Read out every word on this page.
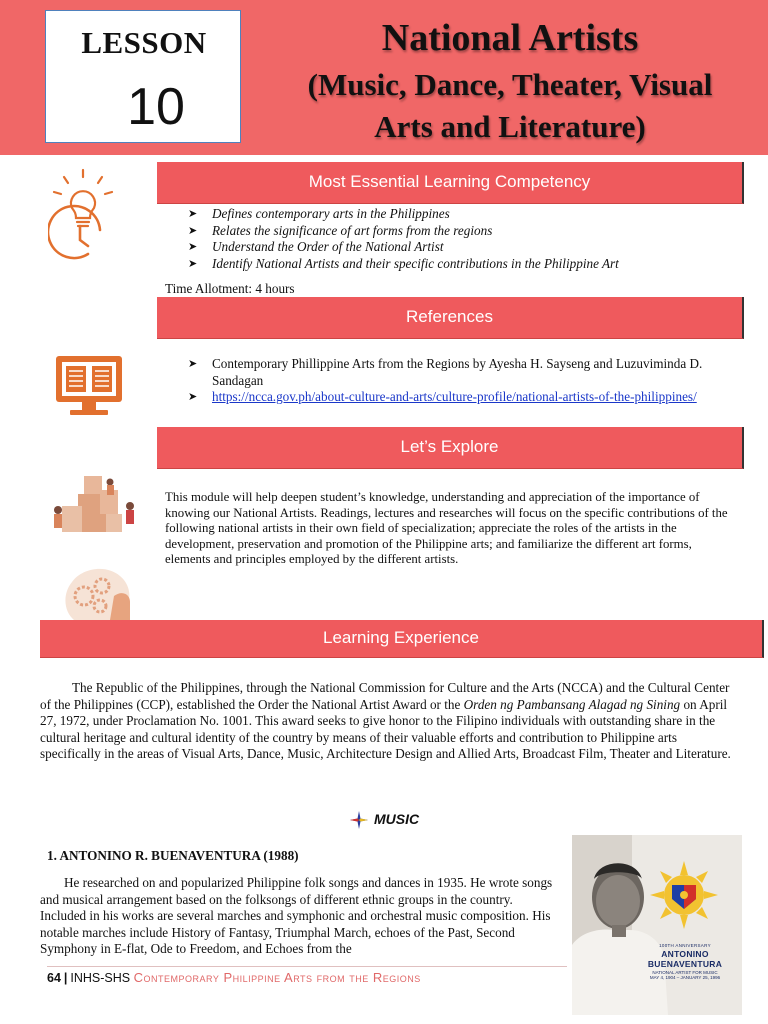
LESSON
10
National Artists
(Music, Dance, Theater, Visual
Arts and Literature)
Most Essential Learning Competency
➤ Defines contemporary arts in the Philippines
➤ Relates the significance of art forms from the regions
➤ Understand the Order of the National Artist
➤ Identify National Artists and their specific contributions in the Philippine Art
Time Allotment: 4 hours
References
➤ Contemporary Phillippine Arts from the Regions by Ayesha H. Sayseng and Luzuviminda D. Sandagan
➤ https://ncca.gov.ph/about-culture-and-arts/culture-profile/national-artists-of-the-philippines/
Let’s Explore
This module will help deepen student’s knowledge, understanding and appreciation of the importance of knowing our National Artists. Readings, lectures and researches will focus on the specific contributions of the following national artists in their own field of specialization; appreciate the roles of the artists in the development, preservation and promotion of the Philippine arts; and familiarize the different art forms, elements and principles employed by the different artists.
Learning Experience
The Republic of the Philippines, through the National Commission for Culture and the Arts (NCCA) and the Cultural Center of the Philippines (CCP), established the Order the National Artist Award or the Orden ng Pambansang Alagad ng Sining on April 27, 1972, under Proclamation No. 1001. This award seeks to give honor to the Filipino individuals with outstanding share in the cultural heritage and cultural identity of the country by means of their valuable efforts and contribution to Philippine arts specifically in the areas of Visual Arts, Dance, Music, Architecture Design and Allied Arts, Broadcast Film, Theater and Literature.
MUSIC
1. ANTONINO R. BUENAVENTURA (1988)
He researched on and popularized Philippine folk songs and dances in 1935. He wrote songs and musical arrangement based on the folksongs of different ethnic groups in the country. Included in his works are several marches and symphonic and orchestral music composition. His notable marches include History of Fantasy, Triumphal March, echoes of the Past, Second Symphony in E-flat, Ode to Freedom, and Echoes from the	100TH ANNIVERSARY
ANTONINO BUENAVENTURA
NATIONAL ARTIST FOR MUSIC
MAY 4, 1904 – JANUARY 25, 1996
64 | INHS-SHS Contemporary Philippine Arts from the Regions
